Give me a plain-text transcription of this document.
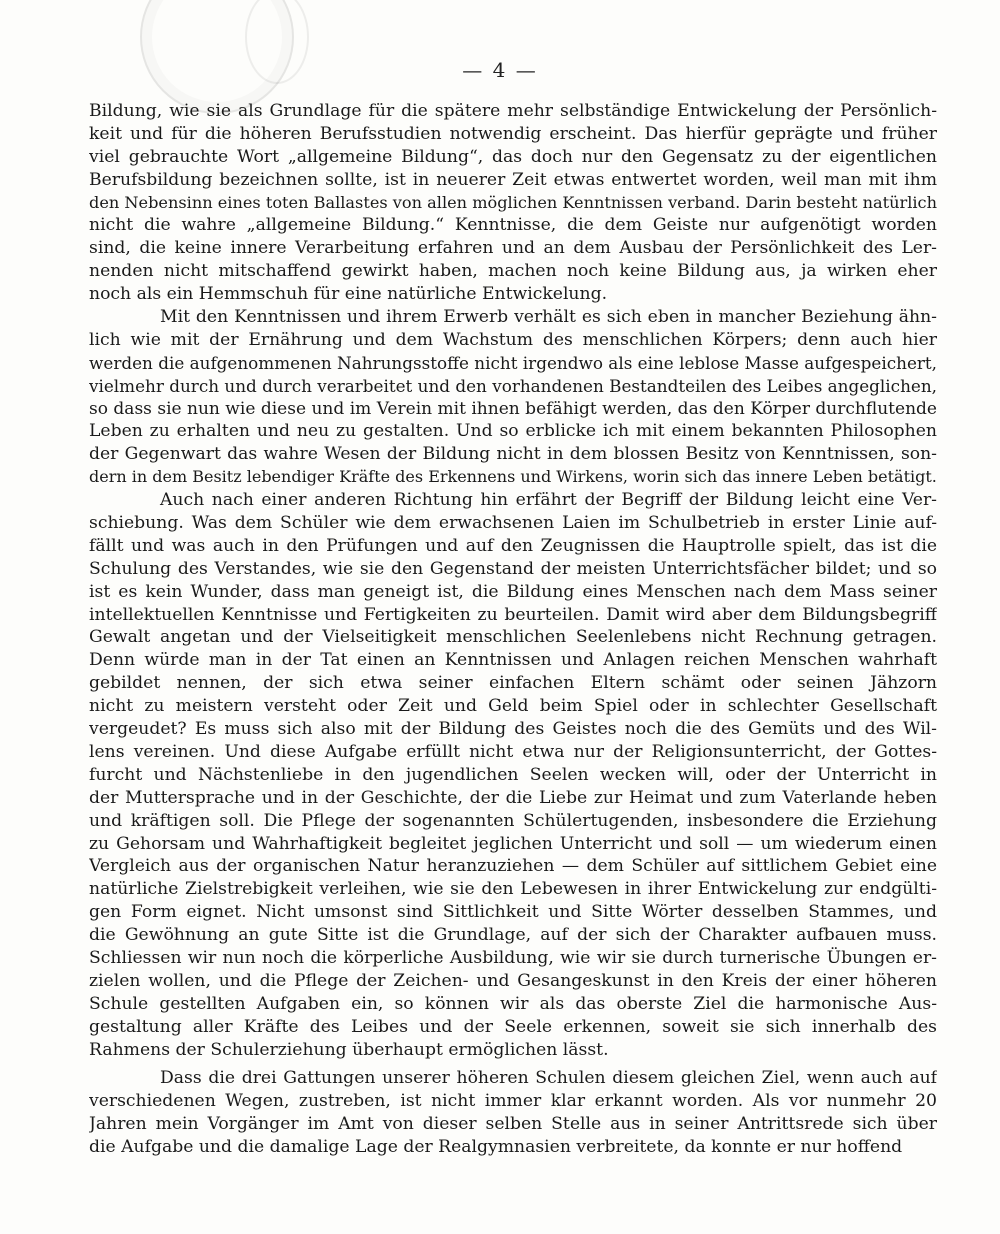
— 4 —

Bildung, wie sie als Grundlage für die spätere mehr selbständige Entwickelung der Persönlich-
keit und für die höheren Berufsstudien notwendig erscheint. Das hierfür geprägte und früher
viel gebrauchte Wort „allgemeine Bildung“, das doch nur den Gegensatz zu der eigentlichen
Berufsbildung bezeichnen sollte, ist in neuerer Zeit etwas entwertet worden, weil man mit ihm
den Nebensinn eines toten Ballastes von allen möglichen Kenntnissen verband. Darin besteht natürlich
nicht die wahre „allgemeine Bildung.“ Kenntnisse, die dem Geiste nur aufgenötigt worden
sind, die keine innere Verarbeitung erfahren und an dem Ausbau der Persönlichkeit des Ler-
nenden nicht mitschaffend gewirkt haben, machen noch keine Bildung aus, ja wirken eher
noch als ein Hemmschuh für eine natürliche Entwickelung.

Mit den Kenntnissen und ihrem Erwerb verhält es sich eben in mancher Beziehung ähn-
lich wie mit der Ernährung und dem Wachstum des menschlichen Körpers; denn auch hier
werden die aufgenommenen Nahrungsstoffe nicht irgendwo als eine leblose Masse aufgespeichert,
vielmehr durch und durch verarbeitet und den vorhandenen Bestandteilen des Leibes angeglichen,
so dass sie nun wie diese und im Verein mit ihnen befähigt werden, das den Körper durchflutende
Leben zu erhalten und neu zu gestalten. Und so erblicke ich mit einem bekannten Philosophen
der Gegenwart das wahre Wesen der Bildung nicht in dem blossen Besitz von Kenntnissen, son-
dern in dem Besitz lebendiger Kräfte des Erkennens und Wirkens, worin sich das innere Leben betätigt.

Auch nach einer anderen Richtung hin erfährt der Begriff der Bildung leicht eine Ver-
schiebung. Was dem Schüler wie dem erwachsenen Laien im Schulbetrieb in erster Linie auf-
fällt und was auch in den Prüfungen und auf den Zeugnissen die Hauptrolle spielt, das ist die
Schulung des Verstandes, wie sie den Gegenstand der meisten Unterrichtsfächer bildet; und so
ist es kein Wunder, dass man geneigt ist, die Bildung eines Menschen nach dem Mass seiner
intellektuellen Kenntnisse und Fertigkeiten zu beurteilen. Damit wird aber dem Bildungsbegriff
Gewalt angetan und der Vielseitigkeit menschlichen Seelenlebens nicht Rechnung getragen.
Denn würde man in der Tat einen an Kenntnissen und Anlagen reichen Menschen wahrhaft
gebildet nennen, der sich etwa seiner einfachen Eltern schämt oder seinen Jähzorn
nicht zu meistern versteht oder Zeit und Geld beim Spiel oder in schlechter Gesellschaft
vergeudet? Es muss sich also mit der Bildung des Geistes noch die des Gemüts und des Wil-
lens vereinen. Und diese Aufgabe erfüllt nicht etwa nur der Religionsunterricht, der Gottes-
furcht und Nächstenliebe in den jugendlichen Seelen wecken will, oder der Unterricht in
der Muttersprache und in der Geschichte, der die Liebe zur Heimat und zum Vaterlande heben
und kräftigen soll. Die Pflege der sogenannten Schülertugenden, insbesondere die Erziehung
zu Gehorsam und Wahrhaftigkeit begleitet jeglichen Unterricht und soll — um wiederum einen
Vergleich aus der organischen Natur heranzuziehen — dem Schüler auf sittlichem Gebiet eine
natürliche Zielstrebigkeit verleihen, wie sie den Lebewesen in ihrer Entwickelung zur endgülti-
gen Form eignet. Nicht umsonst sind Sittlichkeit und Sitte Wörter desselben Stammes, und
die Gewöhnung an gute Sitte ist die Grundlage, auf der sich der Charakter aufbauen muss.
Schliessen wir nun noch die körperliche Ausbildung, wie wir sie durch turnerische Übungen er-
zielen wollen, und die Pflege der Zeichen- und Gesangeskunst in den Kreis der einer höheren
Schule gestellten Aufgaben ein, so können wir als das oberste Ziel die harmonische Aus-
gestaltung aller Kräfte des Leibes und der Seele erkennen, soweit sie sich innerhalb des
Rahmens der Schulerziehung überhaupt ermöglichen lässt.

Dass die drei Gattungen unserer höheren Schulen diesem gleichen Ziel, wenn auch auf
verschiedenen Wegen, zustreben, ist nicht immer klar erkannt worden. Als vor nunmehr 20
Jahren mein Vorgänger im Amt von dieser selben Stelle aus in seiner Antrittsrede sich über
die Aufgabe und die damalige Lage der Realgymnasien verbreitete, da konnte er nur hoffend
